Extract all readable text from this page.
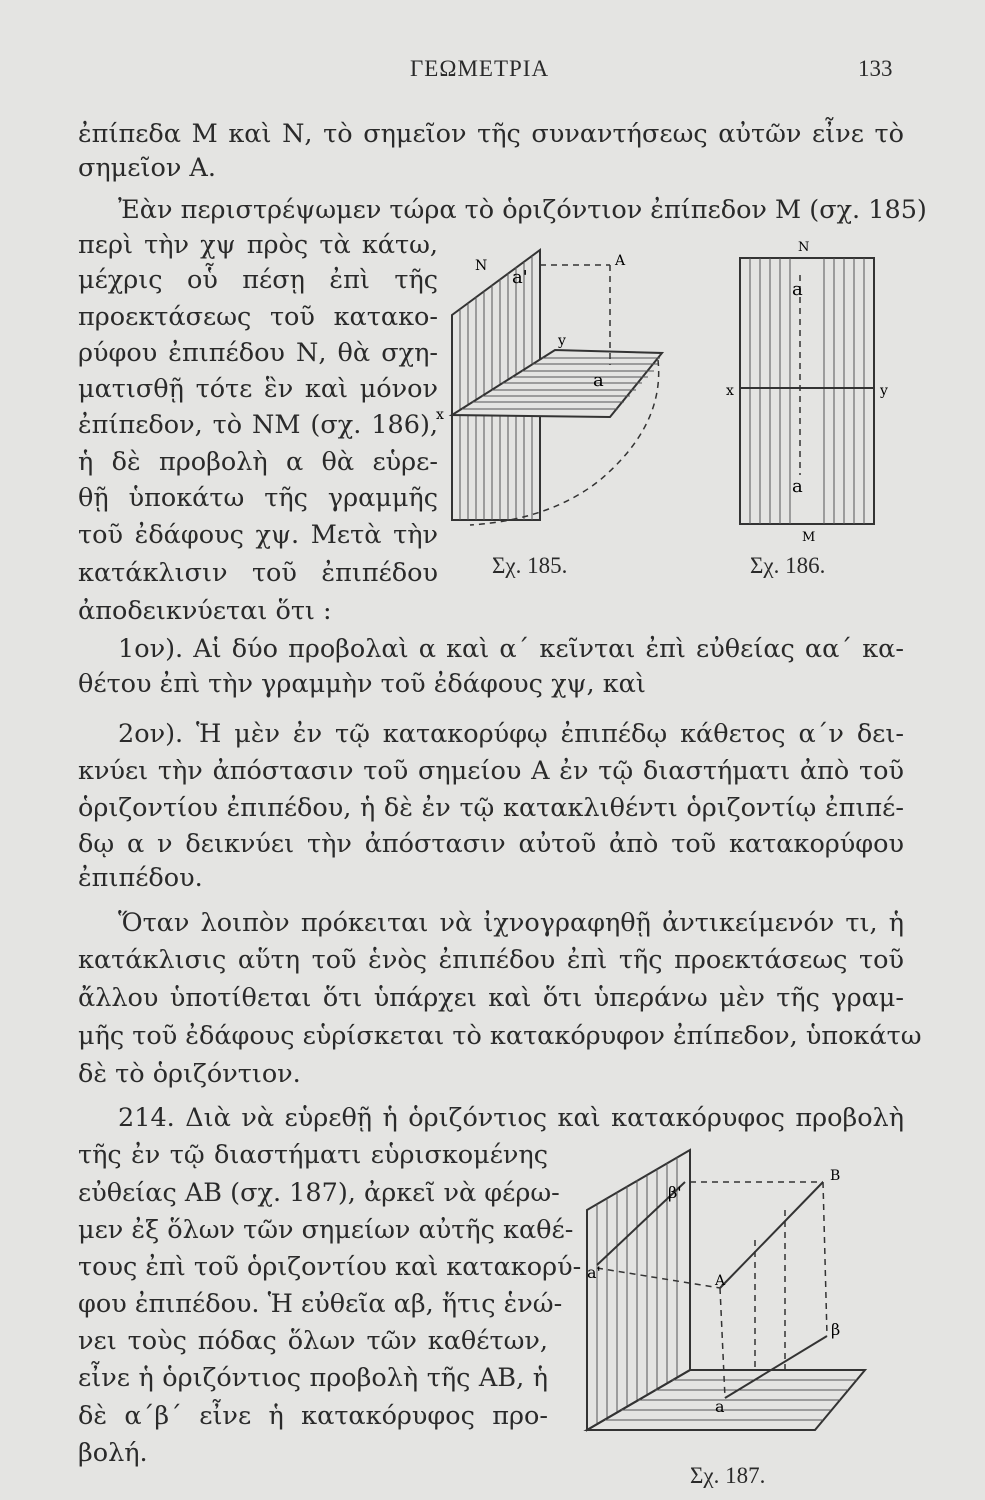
ΓΕΩΜΕΤΡΙΑ	133
ἐπίπεδα Μ καὶ Ν, τὸ σημεῖον τῆς συναντήσεως αὐτῶν εἶνε τὸ
σημεῖον Α.
Ἐὰν περιστρέψωμεν τώρα τὸ ὁριζόντιον ἐπίπεδον Μ (σχ. 185)
περὶ τὴν χψ πρὸς τὰ κάτω,
μέχρις οὗ πέσῃ ἐπὶ τῆς
προεκτάσεως τοῦ κατακο-
ρύφου ἐπιπέδου Ν, θὰ σχη-
ματισθῇ τότε ἓν καὶ μόνον
ἐπίπεδον, τὸ ΝΜ (σχ. 186),
ἡ δὲ προβολὴ α θὰ εὑρε-
θῇ ὑποκάτω τῆς γραμμῆς
τοῦ ἐδάφους χψ. Μετὰ τὴν
κατάκλισιν τοῦ ἐπιπέδου
ἀποδεικνύεται ὅτι :
1ον). Αἱ δύο προβολαὶ α καὶ α΄ κεῖνται ἐπὶ εὐθείας αα΄ κα-
θέτου ἐπὶ τὴν γραμμὴν τοῦ ἐδάφους χψ, καὶ
2ον). Ἡ μὲν ἐν τῷ κατακορύφῳ ἐπιπέδῳ κάθετος α΄ν δει-
κνύει τὴν ἀπόστασιν τοῦ σημείου Α ἐν τῷ διαστήματι ἀπὸ τοῦ
ὁριζοντίου ἐπιπέδου, ἡ δὲ ἐν τῷ κατακλιθέντι ὁριζοντίῳ ἐπιπέ-
δῳ α ν δεικνύει τὴν ἀπόστασιν αὐτοῦ ἀπὸ τοῦ κατακορύφου
ἐπιπέδου.
Ὅταν λοιπὸν πρόκειται νὰ ἰχνογραφηθῇ ἀντικείμενόν τι, ἡ
κατάκλισις αὕτη τοῦ ἑνὸς ἐπιπέδου ἐπὶ τῆς προεκτάσεως τοῦ
ἄλλου ὑποτίθεται ὅτι ὑπάρχει καὶ ὅτι ὑπεράνω μὲν τῆς γραμ-
μῆς τοῦ ἐδάφους εὑρίσκεται τὸ κατακόρυφον ἐπίπεδον, ὑποκάτω
δὲ τὸ ὁριζόντιον.
214. Διὰ νὰ εὑρεθῇ ἡ ὁριζόντιος καὶ κατακόρυφος προβολὴ
τῆς ἐν τῷ διαστήματι εὑρισκομένης
εὐθείας ΑΒ (σχ. 187), ἀρκεῖ νὰ φέρω-
μεν ἐξ ὅλων τῶν σημείων αὐτῆς καθέ-
τους ἐπὶ τοῦ ὁριζοντίου καὶ κατακορύ-
φου ἐπιπέδου. Ἡ εὐθεῖα αβ, ἥτις ἑνώ-
νει τοὺς πόδας ὅλων τῶν καθέτων,
εἶνε ἡ ὁριζόντιος προβολὴ τῆς ΑΒ, ἡ
δὲ α΄β΄ εἶνε ἡ κατακόρυφος προ-
βολή.
N	A
a'
a
x
y
Σχ. 185.
N
a
a
x	y
M
Σχ. 186.
B
A
a'
β'
a
β
Σχ. 187.
